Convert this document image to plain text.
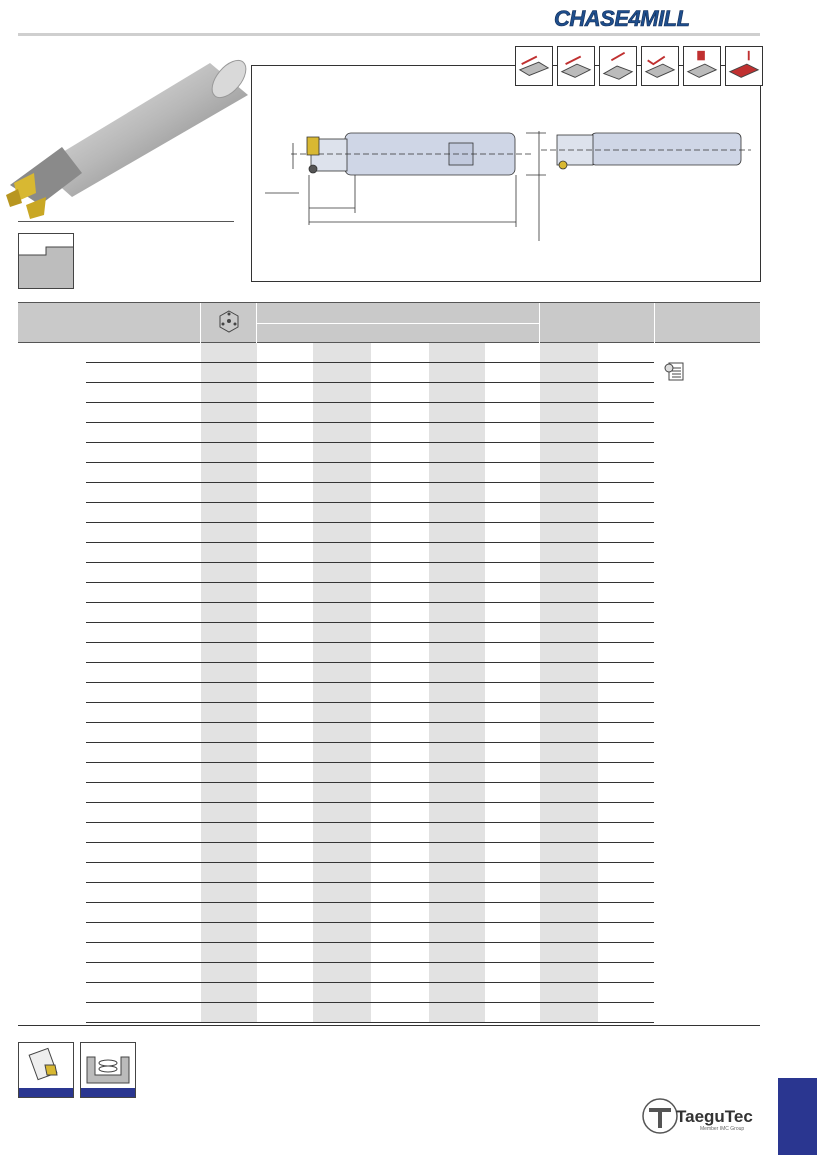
CHASE4MILL
TaeguTec
Member IMC Group
